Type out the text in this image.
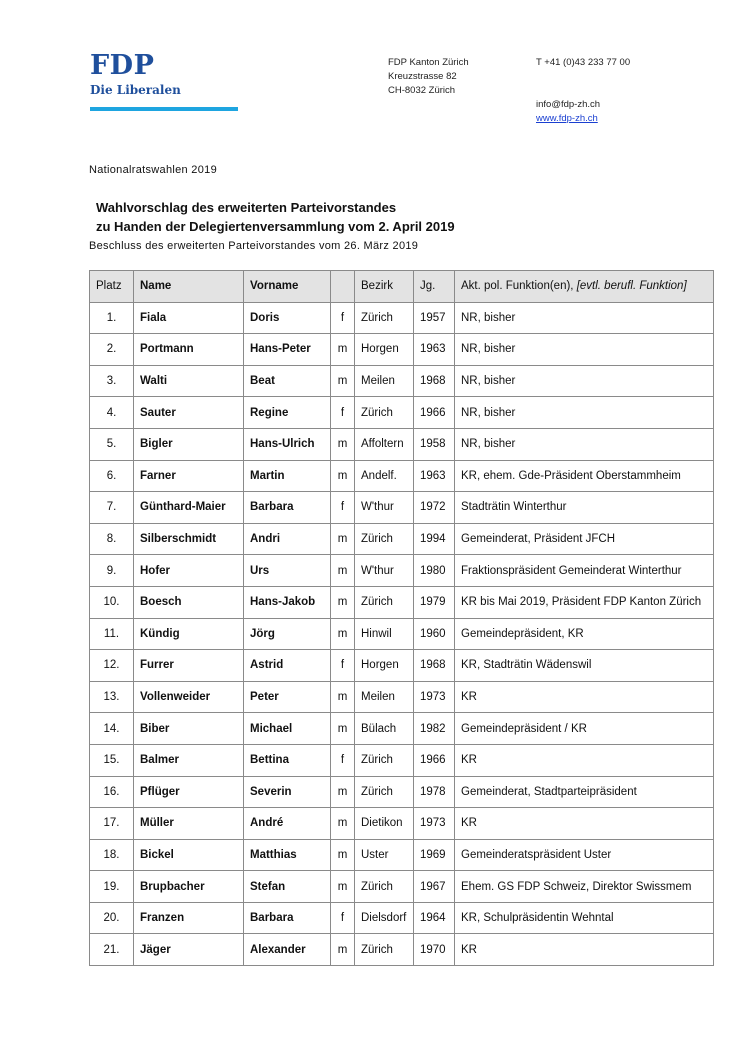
FDP
Die Liberalen
FDP Kanton Zürich
Kreuzstrasse 82
CH-8032 Zürich
T +41 (0)43 233 77 00
info@fdp-zh.ch
www.fdp-zh.ch
Nationalratswahlen 2019
Wahlvorschlag des erweiterten Parteivorstandes
zu Handen der Delegiertenversammlung vom 2. April 2019
Beschluss des erweiterten Parteivorstandes vom 26. März 2019
Platz	Name	Vorname		Bezirk	Jg.	Akt. pol. Funktion(en), [evtl. berufl. Funktion]
1.	Fiala	Doris	f	Zürich	1957	NR, bisher
2.	Portmann	Hans-Peter	m	Horgen	1963	NR, bisher
3.	Walti	Beat	m	Meilen	1968	NR, bisher
4.	Sauter	Regine	f	Zürich	1966	NR, bisher
5.	Bigler	Hans-Ulrich	m	Affoltern	1958	NR, bisher
6.	Farner	Martin	m	Andelf.	1963	KR, ehem. Gde-Präsident Oberstammheim
7.	Günthard-Maier	Barbara	f	W'thur	1972	Stadträtin Winterthur
8.	Silberschmidt	Andri	m	Zürich	1994	Gemeinderat, Präsident JFCH
9.	Hofer	Urs	m	W'thur	1980	Fraktionspräsident Gemeinderat Winterthur
10.	Boesch	Hans-Jakob	m	Zürich	1979	KR bis Mai 2019, Präsident FDP Kanton Zürich
11.	Kündig	Jörg	m	Hinwil	1960	Gemeindepräsident, KR
12.	Furrer	Astrid	f	Horgen	1968	KR, Stadträtin Wädenswil
13.	Vollenweider	Peter	m	Meilen	1973	KR
14.	Biber	Michael	m	Bülach	1982	Gemeindepräsident / KR
15.	Balmer	Bettina	f	Zürich	1966	KR
16.	Pflüger	Severin	m	Zürich	1978	Gemeinderat, Stadtparteipräsident
17.	Müller	André	m	Dietikon	1973	KR
18.	Bickel	Matthias	m	Uster	1969	Gemeinderatspräsident Uster
19.	Brupbacher	Stefan	m	Zürich	1967	Ehem. GS FDP Schweiz, Direktor Swissmem
20.	Franzen	Barbara	f	Dielsdorf	1964	KR, Schulpräsidentin Wehntal
21.	Jäger	Alexander	m	Zürich	1970	KR
